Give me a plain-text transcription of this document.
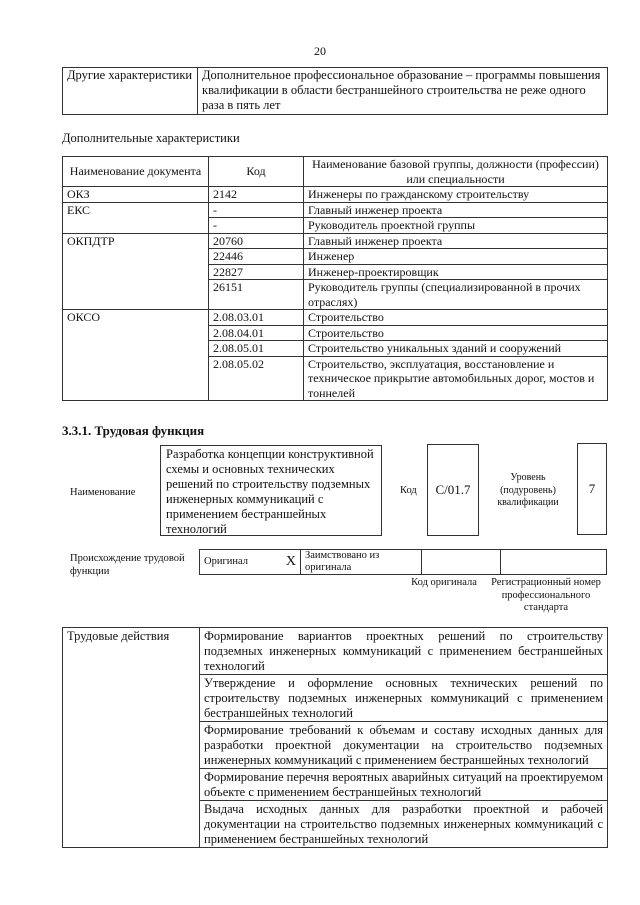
20
Другие характеристики	Дополнительное профессиональное образование – программы повышения квалификации в области бестраншейного строительства не реже одного раза в пять лет
Дополнительные характеристики
Наименование документа	Код	Наименование базовой группы, должности (профессии) или специальности
ОКЗ	2142	Инженеры по гражданскому строительству
ЕКС	-	Главный инженер проекта
	-	Руководитель проектной группы
ОКПДТР	20760	Главный инженер проекта
	22446	Инженер
	22827	Инженер-проектировщик
	26151	Руководитель группы (специализированной в прочих отраслях)
ОКСО	2.08.03.01	Строительство
	2.08.04.01	Строительство
	2.08.05.01	Строительство уникальных зданий и сооружений
	2.08.05.02	Строительство, эксплуатация, восстановление и техническое прикрытие автомобильных дорог, мостов и тоннелей
3.3.1. Трудовая функция
Наименование
Разработка концепции конструктивной схемы и основных технических решений по строительству подземных инженерных коммуникаций с применением бестраншейных технологий
Код	С/01.7
Уровень (подуровень) квалификации
7
Происхождение трудовой функции
Оригинал	X	Заимствовано из оригинала		
Код оригинала	Регистрационный номер профессионального стандарта
Трудовые действия	Формирование вариантов проектных решений по строительству подземных инженерных коммуникаций с применением бестраншейных технологий
Утверждение и оформление основных технических решений по строительству подземных инженерных коммуникаций с применением бестраншейных технологий
Формирование требований к объемам и составу исходных данных для разработки проектной документации на строительство подземных инженерных коммуникаций с применением бестраншейных технологий
Формирование перечня вероятных аварийных ситуаций на проектируемом объекте с применением бестраншейных технологий
Выдача исходных данных для разработки проектной и рабочей документации на строительство подземных инженерных коммуникаций с применением бестраншейных технологий
